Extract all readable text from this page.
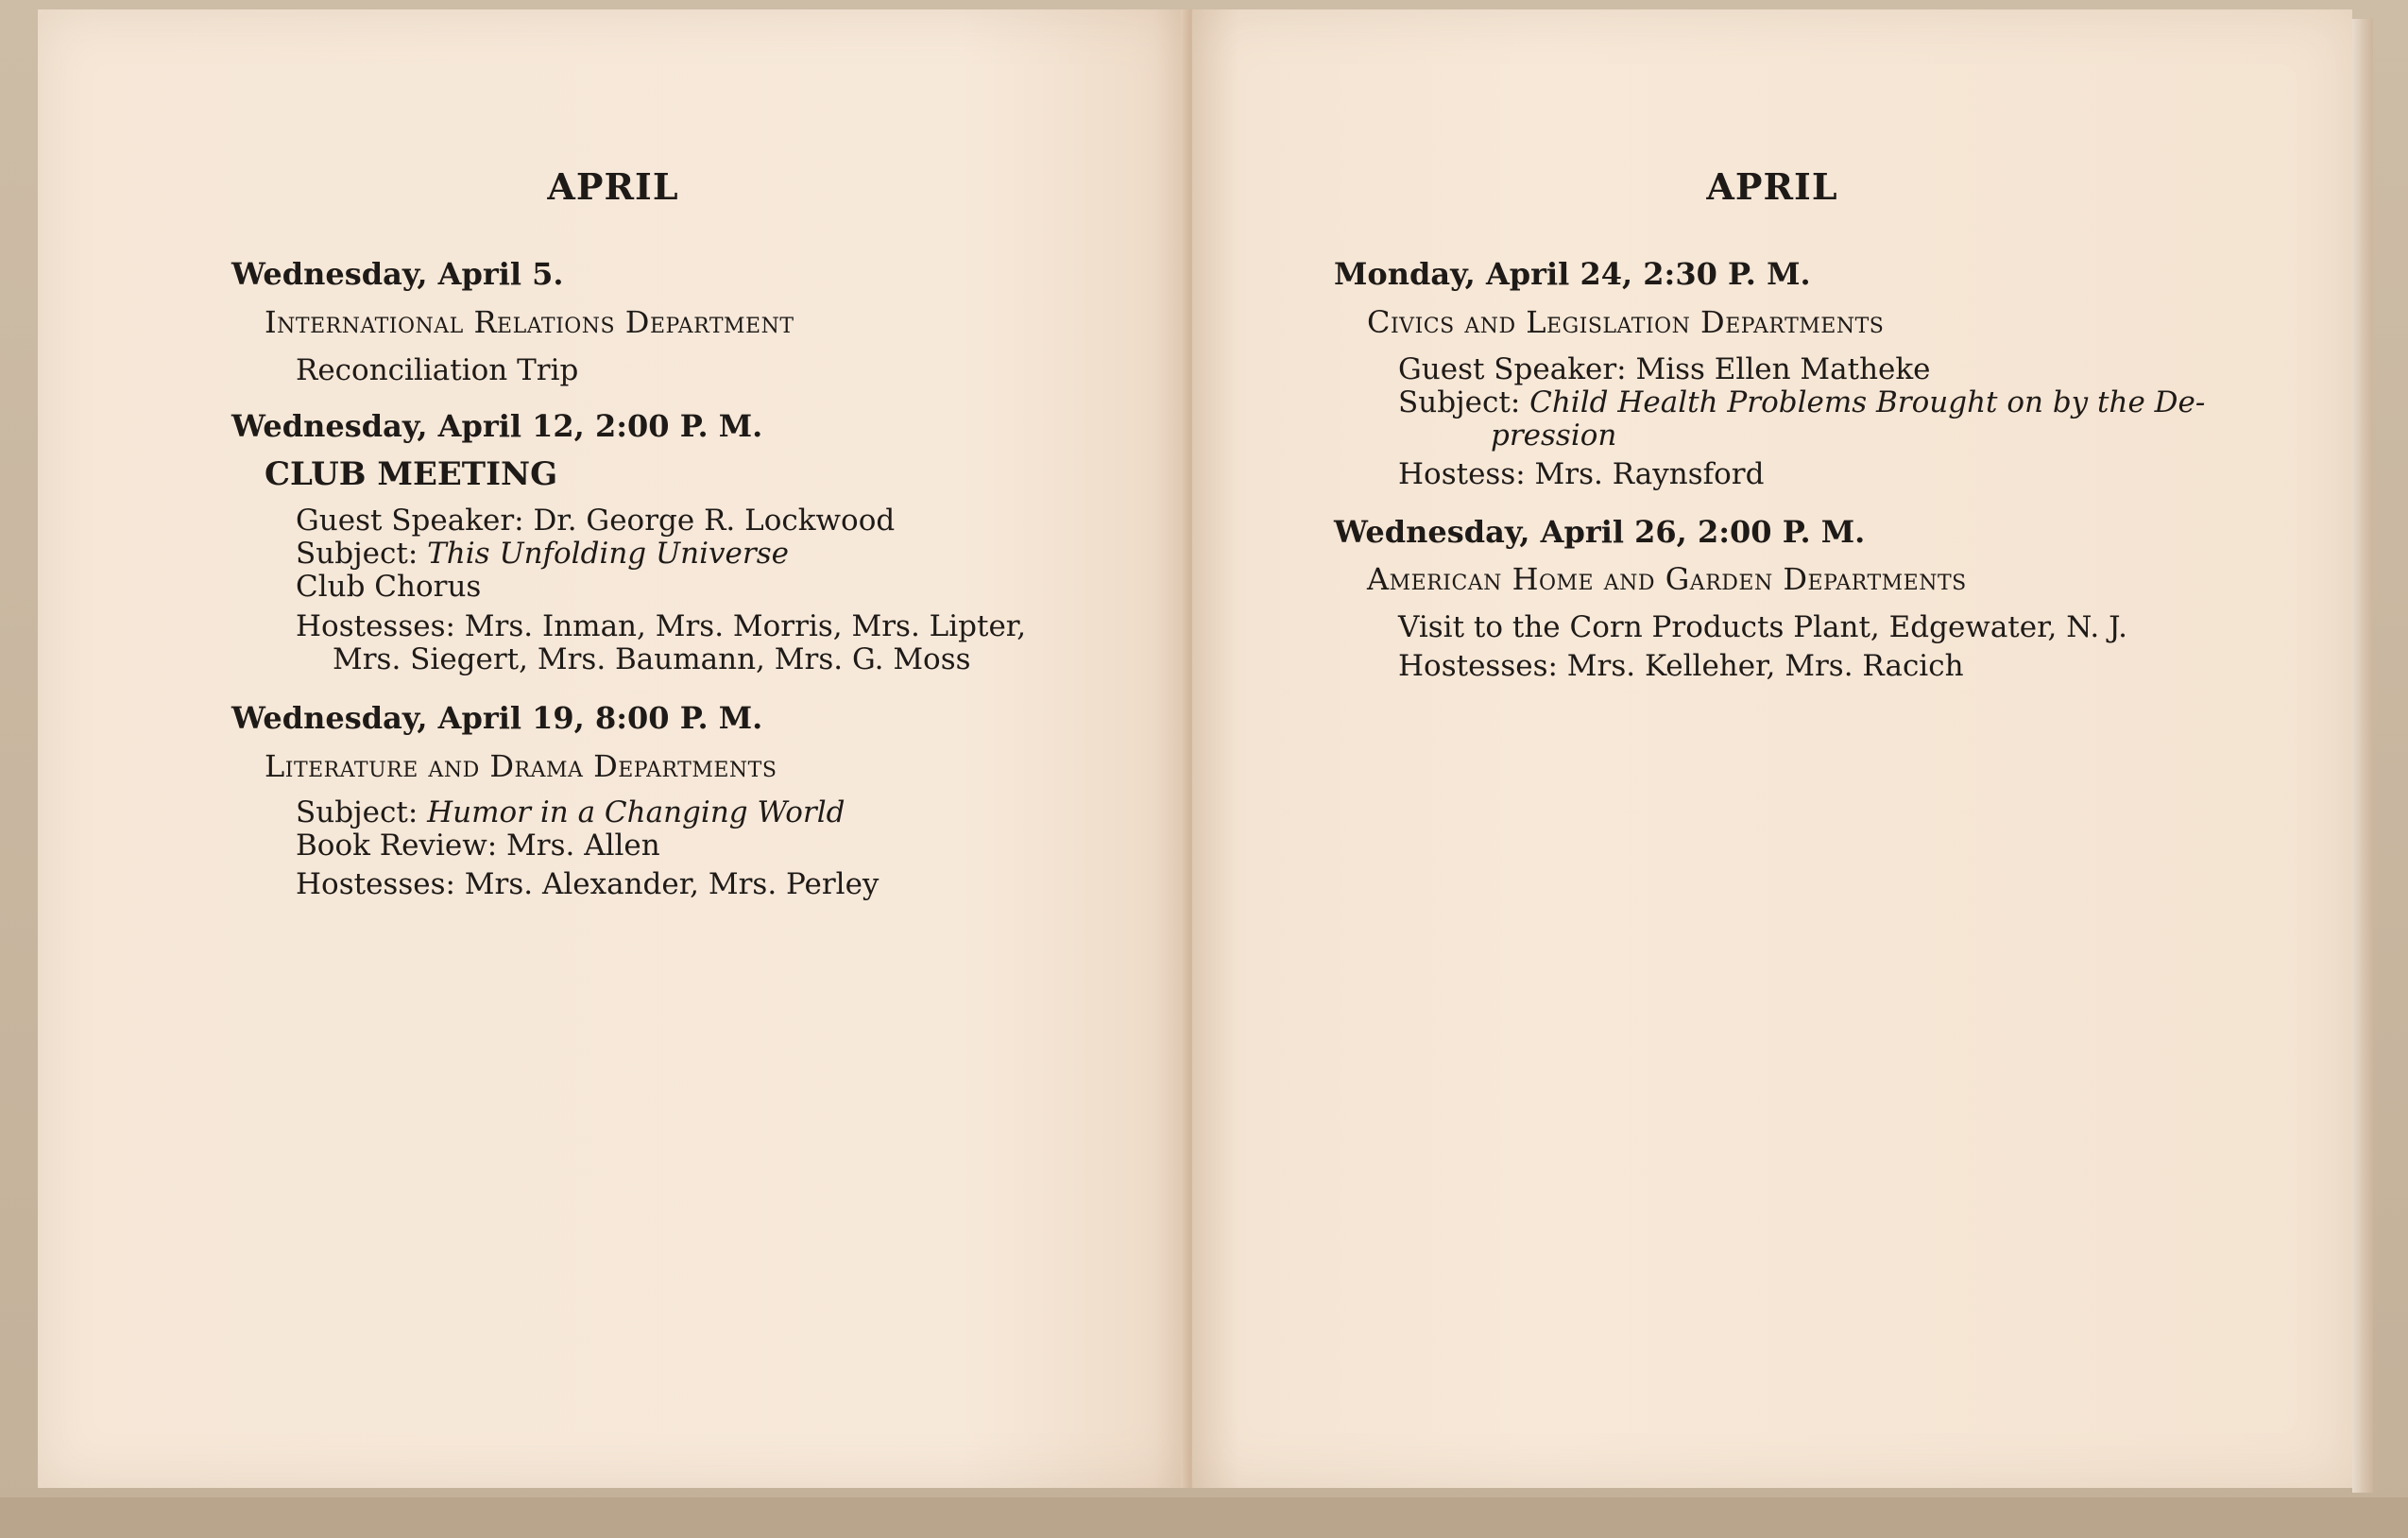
APRIL
Wednesday, April 5.
International Relations Department
Reconciliation Trip
Wednesday, April 12, 2:00 P. M.
CLUB MEETING
Guest Speaker: Dr. George R. Lockwood
Subject: This Unfolding Universe
Club Chorus
Hostesses: Mrs. Inman, Mrs. Morris, Mrs. Lipter,
Mrs. Siegert, Mrs. Baumann, Mrs. G. Moss
Wednesday, April 19, 8:00 P. M.
Literature and Drama Departments
Subject: Humor in a Changing World
Book Review: Mrs. Allen
Hostesses: Mrs. Alexander, Mrs. Perley
APRIL
Monday, April 24, 2:30 P. M.
Civics and Legislation Departments
Guest Speaker: Miss Ellen Matheke
Subject: Child Health Problems Brought on by the De-
pression
Hostess: Mrs. Raynsford
Wednesday, April 26, 2:00 P. M.
American Home and Garden Departments
Visit to the Corn Products Plant, Edgewater, N. J.
Hostesses: Mrs. Kelleher, Mrs. Racich
